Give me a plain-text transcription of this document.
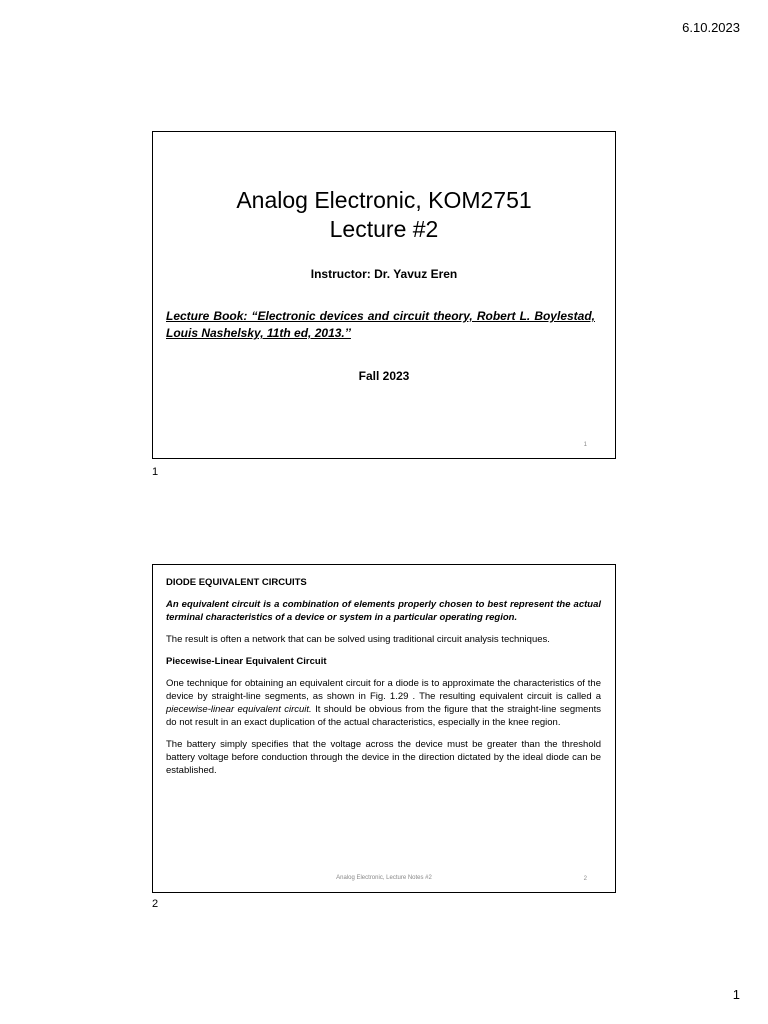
6.10.2023
Analog Electronic, KOM2751
Lecture #2
Instructor: Dr. Yavuz Eren
Lecture Book: “Electronic devices and circuit theory, Robert L. Boylestad, Louis Nashelsky, 11th ed, 2013.’’
Fall 2023
1
1

DIODE EQUIVALENT CIRCUITS

An equivalent circuit is a combination of elements properly chosen to best represent the actual terminal characteristics of a device or system in a particular operating region.

The result is often a network that can be solved using traditional circuit analysis techniques.

Piecewise-Linear Equivalent Circuit

One technique for obtaining an equivalent circuit for a diode is to approximate the characteristics of the device by straight-line segments, as shown in Fig. 1.29 . The resulting equivalent circuit is called a piecewise-linear equivalent circuit. It should be obvious from the figure that the straight-line segments do not result in an exact duplication of the actual characteristics, especially in the knee region.

The battery simply specifies that the voltage across the device must be greater than the threshold battery voltage before conduction through the device in the direction dictated by the ideal diode can be established.

Analog Electronic, Lecture Notes #2	2
2
1
